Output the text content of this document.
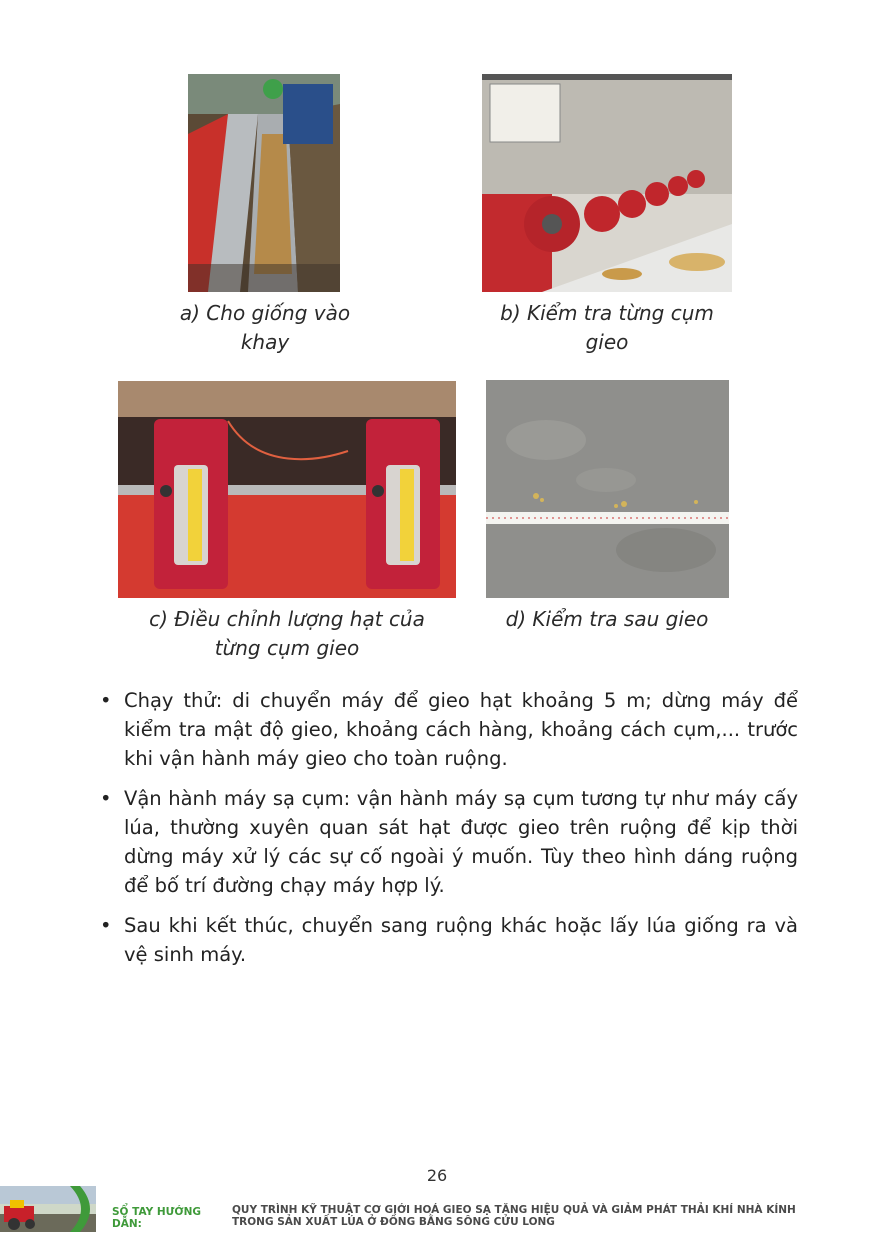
a) Cho giống vào
khay
b) Kiểm tra từng cụm
gieo
c) Điều chỉnh lượng hạt của
từng cụm gieo
d) Kiểm tra sau gieo
• Chạy thử: di chuyển máy để gieo hạt khoảng 5 m; dừng máy để kiểm tra mật độ gieo, khoảng cách hàng, khoảng cách cụm,... trước khi vận hành máy gieo cho toàn ruộng.
• Vận hành máy sạ cụm: vận hành máy sạ cụm tương tự như máy cấy lúa, thường xuyên quan sát hạt được gieo trên ruộng để kịp thời dừng máy xử lý các sự cố ngoài ý muốn. Tùy theo hình dáng ruộng để bố trí đường chạy máy hợp lý.
• Sau khi kết thúc, chuyển sang ruộng khác hoặc lấy lúa giống ra và vệ sinh máy.
26
SỔ TAY HƯỚNG DẪN:
QUY TRÌNH KỸ THUẬT CƠ GIỚI HOÁ GIEO SẠ TĂNG HIỆU QUẢ VÀ GIẢM PHÁT THẢI KHÍ NHÀ KÍNH
TRONG SẢN XUẤT LÚA Ở ĐỒNG BẰNG SÔNG CỬU LONG
